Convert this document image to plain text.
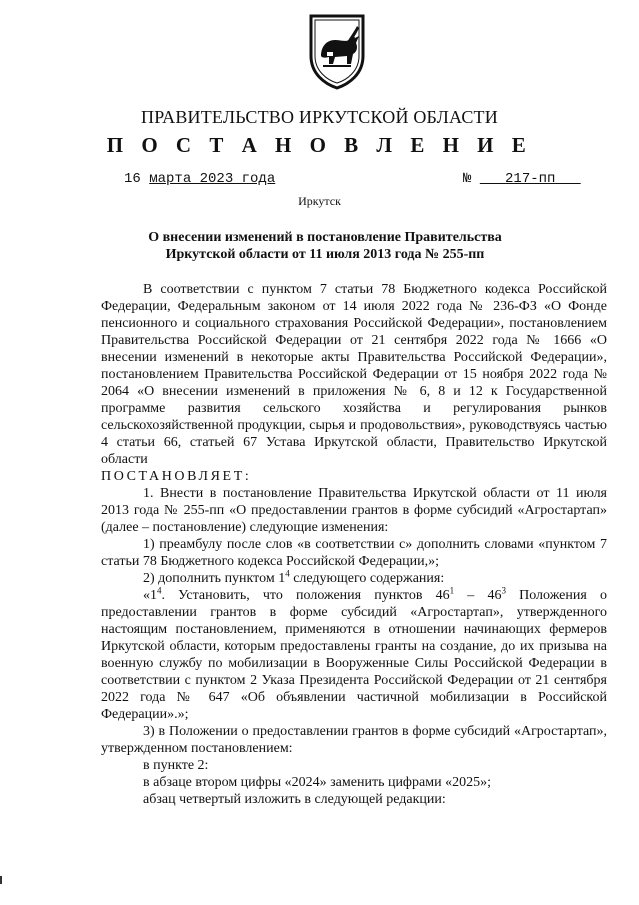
ПРАВИТЕЛЬСТВО ИРКУТСКОЙ ОБЛАСТИ
П О С Т А Н О В Л Е Н И Е
16 марта 2023 года	№ 217-пп
Иркутск
О внесении изменений в постановление Правительства Иркутской области от 11 июля 2013 года № 255-пп

В соответствии с пунктом 7 статьи 78 Бюджетного кодекса Российской Федерации, Федеральным законом от 14 июля 2022 года № 236-ФЗ «О Фонде пенсионного и социального страхования Российской Федерации», постановлением Правительства Российской Федерации от 21 сентября 2022 года № 1666 «О внесении изменений в некоторые акты Правительства Российской Федерации», постановлением Правительства Российской Федерации от 15 ноября 2022 года № 2064 «О внесении изменений в приложения № 6, 8 и 12 к Государственной программе развития сельского хозяйства и регулирования рынков сельскохозяйственной продукции, сырья и продовольствия», руководствуясь частью 4 статьи 66, статьей 67 Устава Иркутской области, Правительство Иркутской области

ПОСТАНОВЛЯЕТ:

1. Внести в постановление Правительства Иркутской области от 11 июля 2013 года № 255-пп «О предоставлении грантов в форме субсидий «Агростартап» (далее – постановление) следующие изменения:

1) преамбулу после слов «в соответствии с» дополнить словами «пунктом 7 статьи 78 Бюджетного кодекса Российской Федерации,»;

2) дополнить пунктом $1^4$ следующего содержания:

«$1^4$. Установить, что положения пунктов $46^1 - 46^3$ Положения о предоставлении грантов в форме субсидий «Агростартап», утвержденного настоящим постановлением, применяются в отношении начинающих фермеров Иркутской области, которым предоставлены гранты на создание, до их призыва на военную службу по мобилизации в Вооруженные Силы Российской Федерации в соответствии с пунктом 2 Указа Президента Российской Федерации от 21 сентября 2022 года № 647 «Об объявлении частичной мобилизации в Российской Федерации».»;

3) в Положении о предоставлении грантов в форме субсидий «Агростартап», утвержденном постановлением:

в пункте 2:

в абзаце втором цифры «2024» заменить цифрами «2025»;

абзац четвертый изложить в следующей редакции:
